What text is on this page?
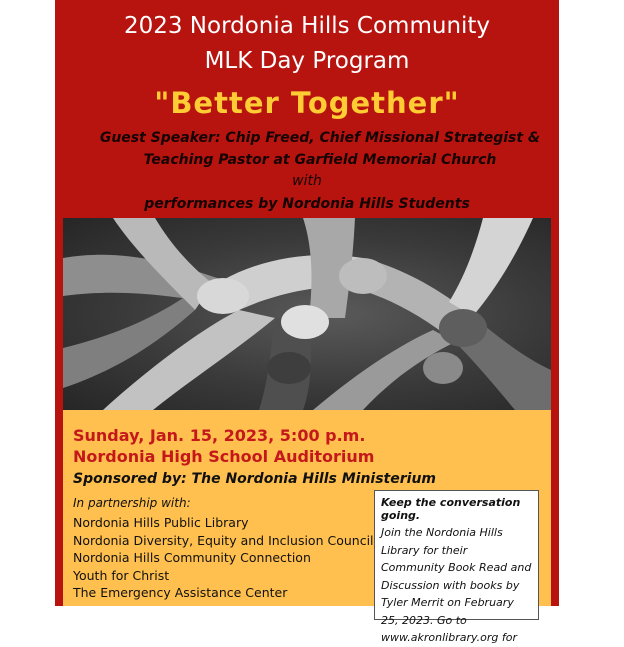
2023 Nordonia Hills Community
MLK Day Program
"Better Together"
Guest Speaker: Chip Freed, Chief Missional Strategist &
Teaching Pastor at Garfield Memorial Church
with
performances by Nordonia Hills Students
Sunday, Jan. 15, 2023, 5:00 p.m.
Nordonia High School Auditorium
Sponsored by: The Nordonia Hills Ministerium
In partnership with:
Nordonia Hills Public Library
Nordonia Diversity, Equity and Inclusion Council
Nordonia Hills Community Connection
Youth for Christ
The Emergency Assistance Center
Keep the conversation going.
Join the Nordonia Hills Library for their Community Book Read and Discussion with books by Tyler Merrit on February 25, 2023. Go to www.akronlibrary.org for
